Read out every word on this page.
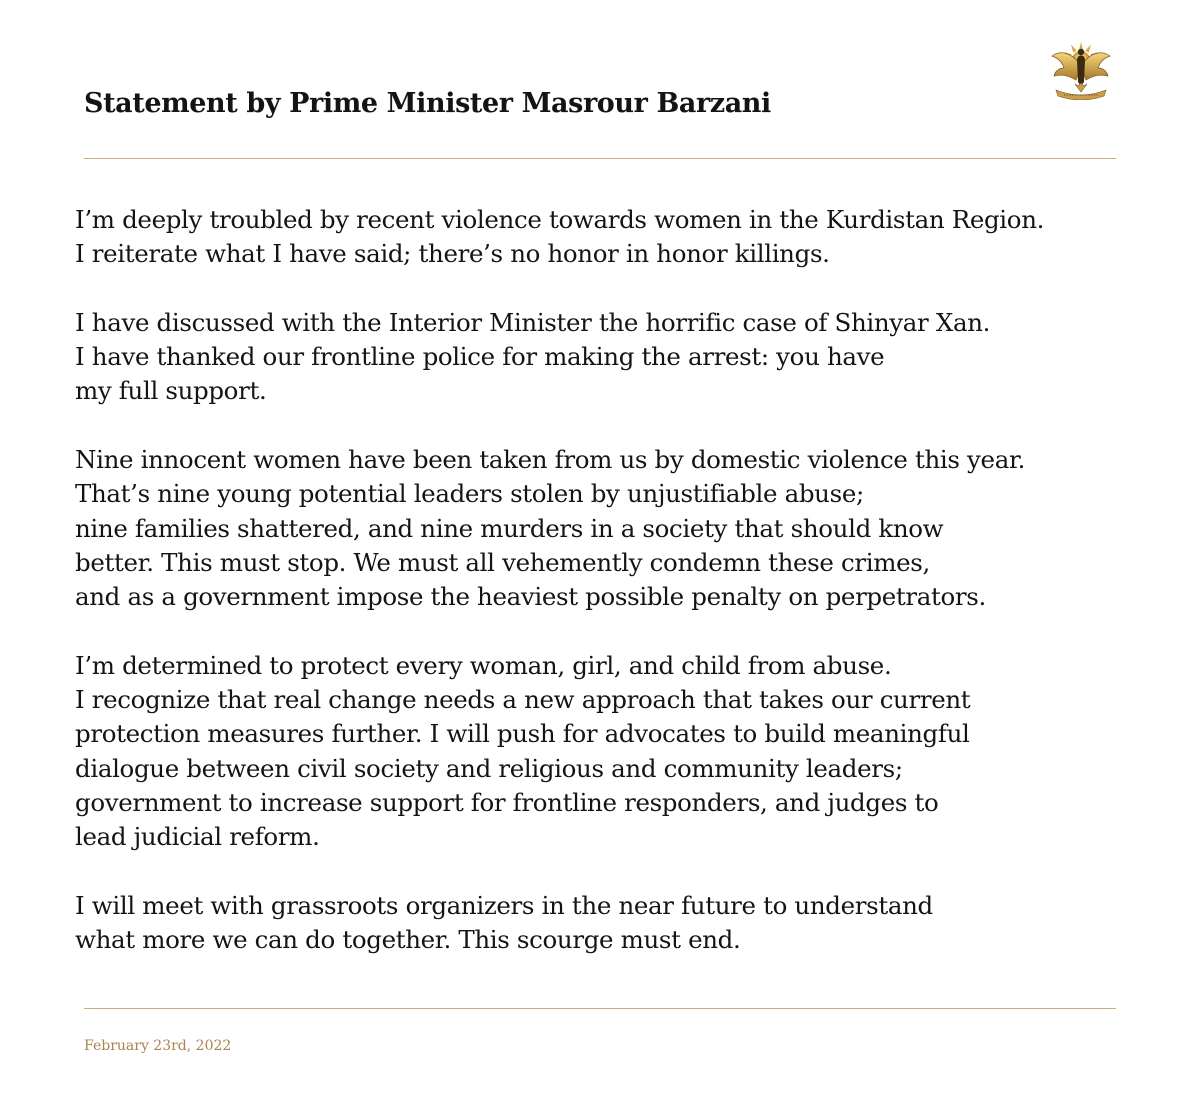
Statement by Prime Minister Masrour Barzani

I’m deeply troubled by recent violence towards women in the Kurdistan Region.
I reiterate what I have said; there’s no honor in honor killings.

I have discussed with the Interior Minister the horrific case of Shinyar Xan.
I have thanked our frontline police for making the arrest: you have
my full support.

Nine innocent women have been taken from us by domestic violence this year.
That’s nine young potential leaders stolen by unjustifiable abuse;
nine families shattered, and nine murders in a society that should know
better. This must stop. We must all vehemently condemn these crimes,
and as a government impose the heaviest possible penalty on perpetrators.

I’m determined to protect every woman, girl, and child from abuse.
I recognize that real change needs a new approach that takes our current
protection measures further. I will push for advocates to build meaningful
dialogue between civil society and religious and community leaders;
government to increase support for frontline responders, and judges to
lead judicial reform.

I will meet with grassroots organizers in the near future to understand
what more we can do together. This scourge must end.

February 23rd, 2022
